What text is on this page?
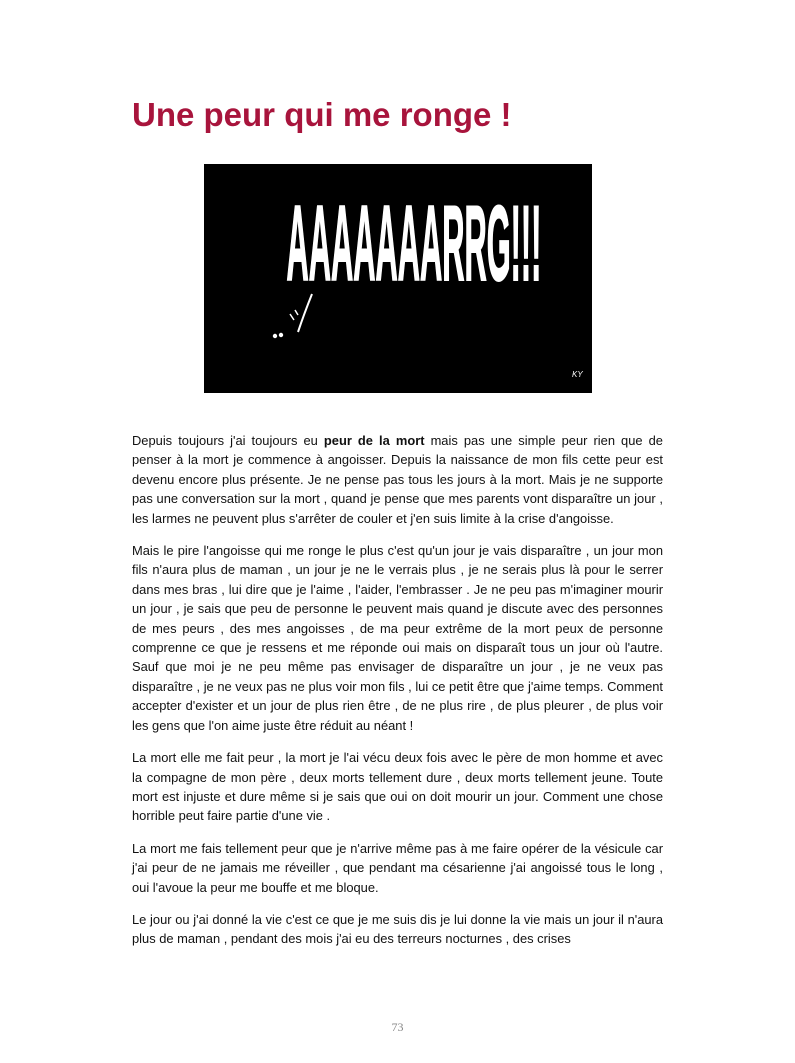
Une peur qui me ronge !
AAAAAAARRG!!!
KY

Depuis toujours j'ai toujours eu peur de la mort mais pas une simple peur rien que de penser à la mort je commence à angoisser. Depuis la naissance de mon fils cette peur est devenu encore plus présente. Je ne pense pas tous les jours à la mort. Mais je ne supporte pas une conversation sur la mort , quand je pense que mes parents vont disparaître un jour , les larmes ne peuvent plus s'arrêter de couler et j'en suis limite à la crise d'angoisse.

Mais le pire l'angoisse qui me ronge le plus c'est qu'un jour je vais disparaître , un jour mon fils n'aura plus de maman , un jour je ne le verrais plus , je ne serais plus là pour le serrer dans mes bras , lui dire que je l'aime , l'aider, l'embrasser . Je ne peu pas m'imaginer mourir un jour , je sais que peu de personne le peuvent mais quand je discute avec des personnes de mes peurs , des mes angoisses , de ma peur extrême de la mort peux de personne comprenne ce que je ressens et me réponde oui mais on disparaît tous un jour où l'autre. Sauf que moi je ne peu même pas envisager de disparaître un jour , je ne veux pas disparaître , je ne veux pas ne plus voir mon fils , lui ce petit être que j'aime temps. Comment accepter d'exister et un jour de plus rien être , de ne plus rire , de plus pleurer , de plus voir les gens que l'on aime juste être réduit au néant !

La mort elle me fait peur , la mort je l'ai vécu deux fois avec le père de mon homme et avec la compagne de mon père , deux morts tellement dure , deux morts tellement jeune. Toute mort est injuste et dure même si je sais que oui on doit mourir un jour. Comment une chose horrible peut faire partie d'une vie .

La mort me fais tellement peur que je n'arrive même pas à me faire opérer de la vésicule car j'ai peur de ne jamais me réveiller , que pendant ma césarienne j'ai angoissé tous le long , oui l'avoue la peur me bouffe et me bloque.

Le jour ou j'ai donné la vie c'est ce que je me suis dis je lui donne la vie mais un jour il n'aura plus de maman , pendant des mois j'ai eu des terreurs nocturnes , des crises

73
